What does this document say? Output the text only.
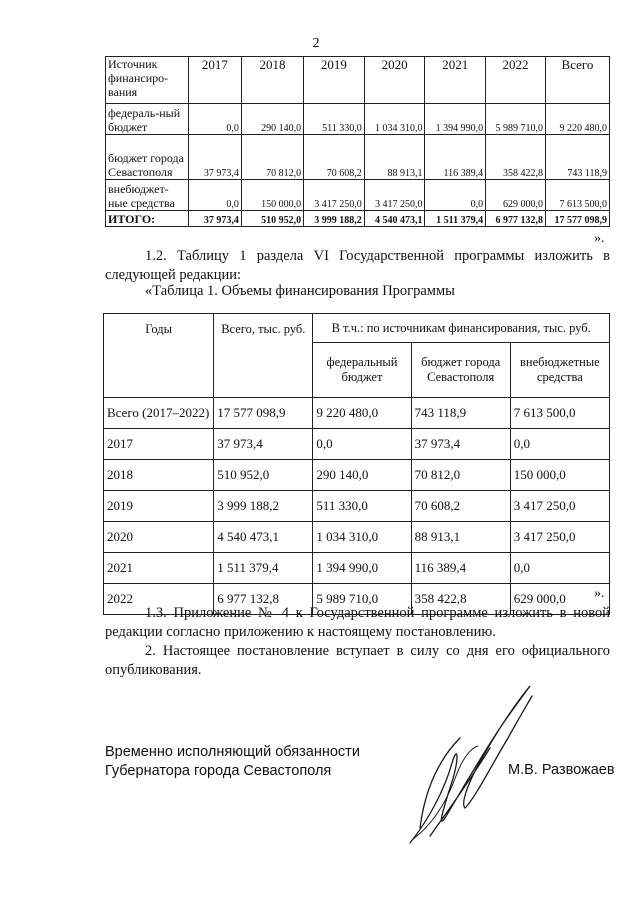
2
Источник финансиро-вания	2017	2018	2019	2020	2021	2022	Всего
федераль-ный бюджет	0,0	290 140,0	511 330,0	1 034 310,0	1 394 990,0	5 989 710,0	9 220 480,0
бюджет города Севастополя	37 973,4	70 812,0	70 608,2	88 913,1	116 389,4	358 422,8	743 118,9
внебюджет-ные средства	0,0	150 000,0	3 417 250,0	3 417 250,0	0,0	629 000,0	7 613 500,0
ИТОГО:	37 973,4	510 952,0	3 999 188,2	4 540 473,1	1 511 379,4	6 977 132,8	17 577 098,9
».
1.2. Таблицу 1 раздела VI Государственной программы изложить в следующей редакции:
«Таблица 1. Объемы финансирования Программы
Годы	Всего, тыс. руб.	В т.ч.: по источникам финансирования, тыс. руб.		
		федеральный бюджет	бюджет города Севастополя	внебюджетные средства
Всего (2017–2022)	17 577 098,9	9 220 480,0	743 118,9	7 613 500,0
2017	37 973,4	0,0	37 973,4	0,0
2018	510 952,0	290 140,0	70 812,0	150 000,0
2019	3 999 188,2	511 330,0	70 608,2	3 417 250,0
2020	4 540 473,1	1 034 310,0	88 913,1	3 417 250,0
2021	1 511 379,4	1 394 990,0	116 389,4	0,0
2022	6 977 132,8	5 989 710,0	358 422,8	629 000,0 ».
1.3. Приложение № 4 к Государственной программе изложить в новой редакции согласно приложению к настоящему постановлению.
2. Настоящее постановление вступает в силу со дня его официального опубликования.
Временно исполняющий обязанности
Губернатора города Севастополя	М.В. Развожаев
